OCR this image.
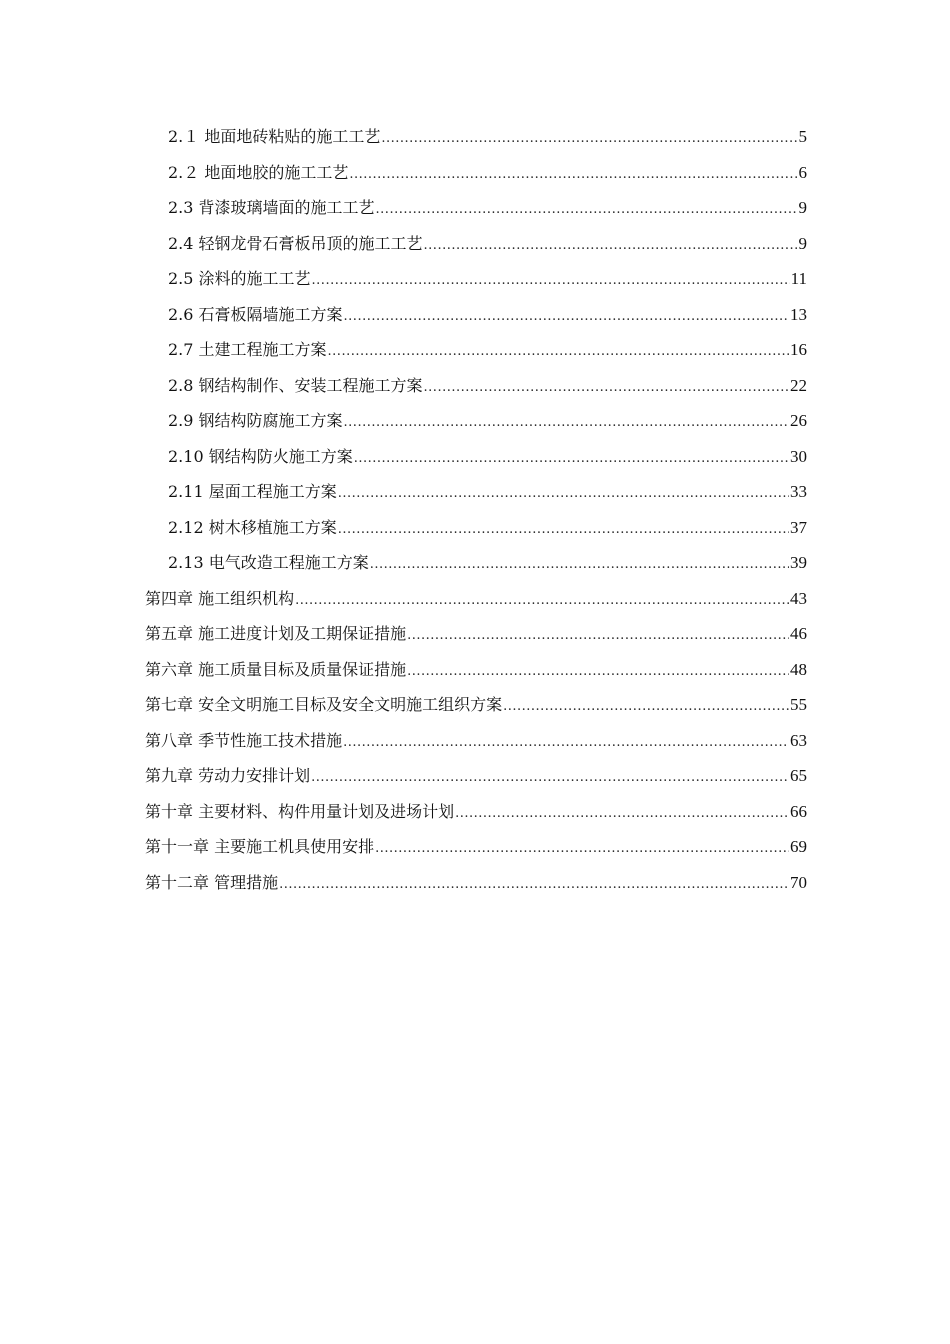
2.１ 地面地砖粘贴的施工工艺 .....	5
2.２ 地面地胶的施工工艺 .....	6
2.3 背漆玻璃墙面的施工工艺 .....	9
2.4 轻钢龙骨石膏板吊顶的施工工艺 .....	9
2.5 涂料的施工工艺 .....	11
2.6 石膏板隔墙施工方案 .....	13
2.7 土建工程施工方案 .....	16
2.8 钢结构制作、安装工程施工方案 .....	22
2.9 钢结构防腐施工方案 .....	26
2.10 钢结构防火施工方案 .....	30
2.11 屋面工程施工方案 .....	33
2.12 树木移植施工方案 .....	37
2.13 电气改造工程施工方案 .....	39
第四章 施工组织机构 .....	43
第五章 施工进度计划及工期保证措施 .....	46
第六章 施工质量目标及质量保证措施 .....	48
第七章 安全文明施工目标及安全文明施工组织方案 .....	55
第八章 季节性施工技术措施 .....	63
第九章 劳动力安排计划 .....	65
第十章 主要材料、构件用量计划及进场计划 .....	66
第十一章 主要施工机具使用安排 .....	69
第十二章 管理措施 .....	70
